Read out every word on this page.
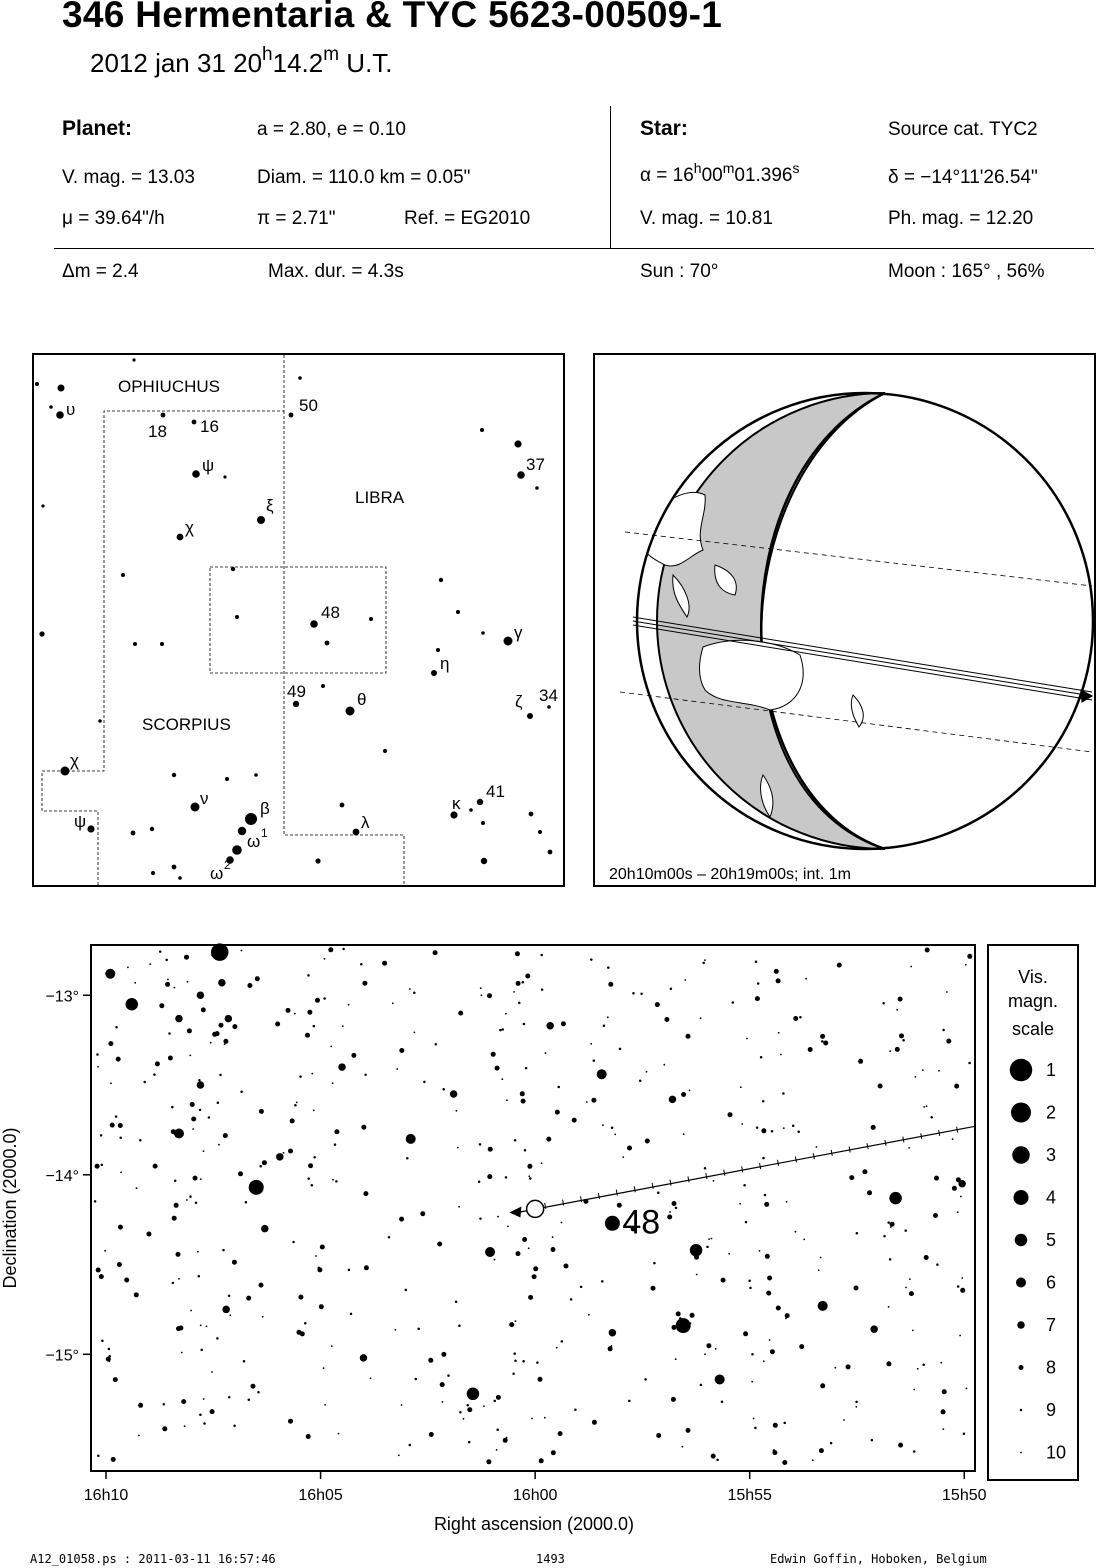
346 Hermentaria & TYC 5623-00509-1
2012 jan 31 20$^h$14.2$^m$ U.T.
Planet:	a = 2.80, e = 0.10
V. mag. = 13.03	Diam. = 110.0 km = 0.05"
μ = 39.64"/h	π = 2.71"	Ref. = EG2010
Star:	Source cat. TYC2
$\alpha = 16^h00^m01.396^s$	δ = −14°11'26.54"
V. mag. = 10.81	Ph. mag. = 12.20
Δm = 2.4	Max. dur. = 4.3s	Sun : 70°	Moon : 165° , 56%
OPHIUCHUS
LIBRA
SCORPIUS
υ
18 16
50
37
ψ
ξ
χ
48
γ
η
49	θ	ζ 34
χ
ν
β
ω
ω
κ
41
λ
ψ
1
2
20h10m00s – 20h19m00s; int. 1m
16h10	16h05	16h00	15h55	15h50
−13°
−14°
−15°
Right ascension (2000.0)
Declination (2000.0)	48
Vis.
magn.
scale
1
2
3
4
5
6
7
8
9
10
A12_01058.ps : 2011-03-11 16:57:46	1493	Edwin Goffin, Hoboken, Belgium
